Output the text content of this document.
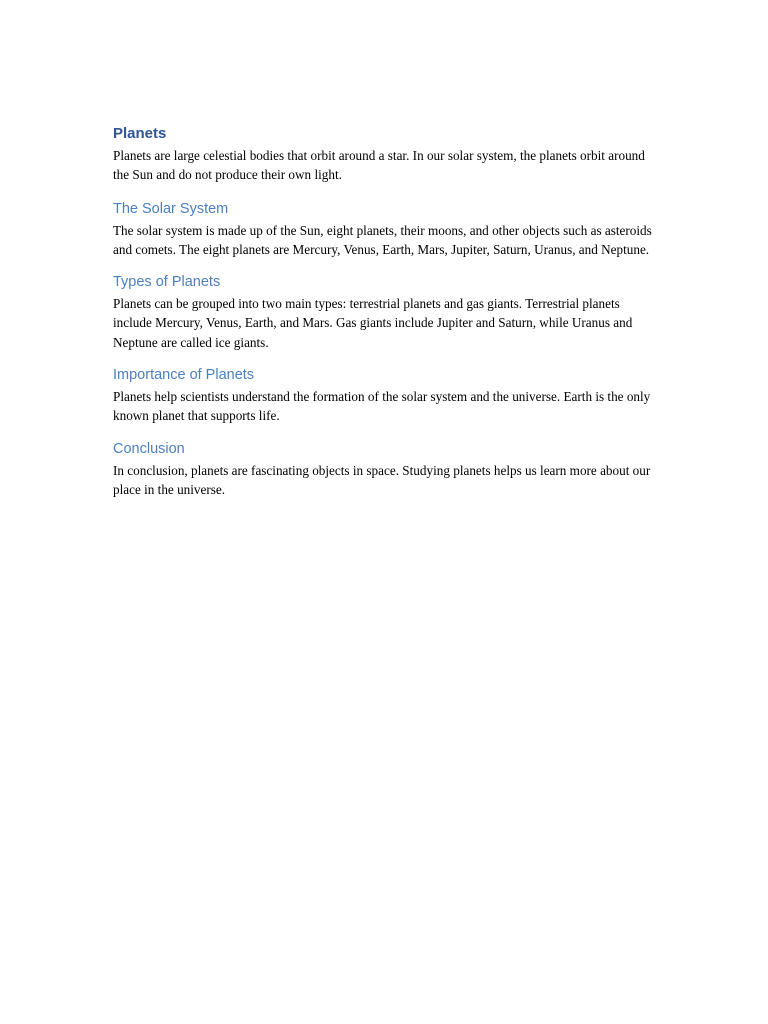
Planets

Planets are large celestial bodies that orbit around a star. In our solar system, the planets orbit around the Sun and do not produce their own light.

The Solar System

The solar system is made up of the Sun, eight planets, their moons, and other objects such as asteroids and comets. The eight planets are Mercury, Venus, Earth, Mars, Jupiter, Saturn, Uranus, and Neptune.

Types of Planets

Planets can be grouped into two main types: terrestrial planets and gas giants. Terrestrial planets include Mercury, Venus, Earth, and Mars. Gas giants include Jupiter and Saturn, while Uranus and Neptune are called ice giants.

Importance of Planets

Planets help scientists understand the formation of the solar system and the universe. Earth is the only known planet that supports life.

Conclusion

In conclusion, planets are fascinating objects in space. Studying planets helps us learn more about our place in the universe.
